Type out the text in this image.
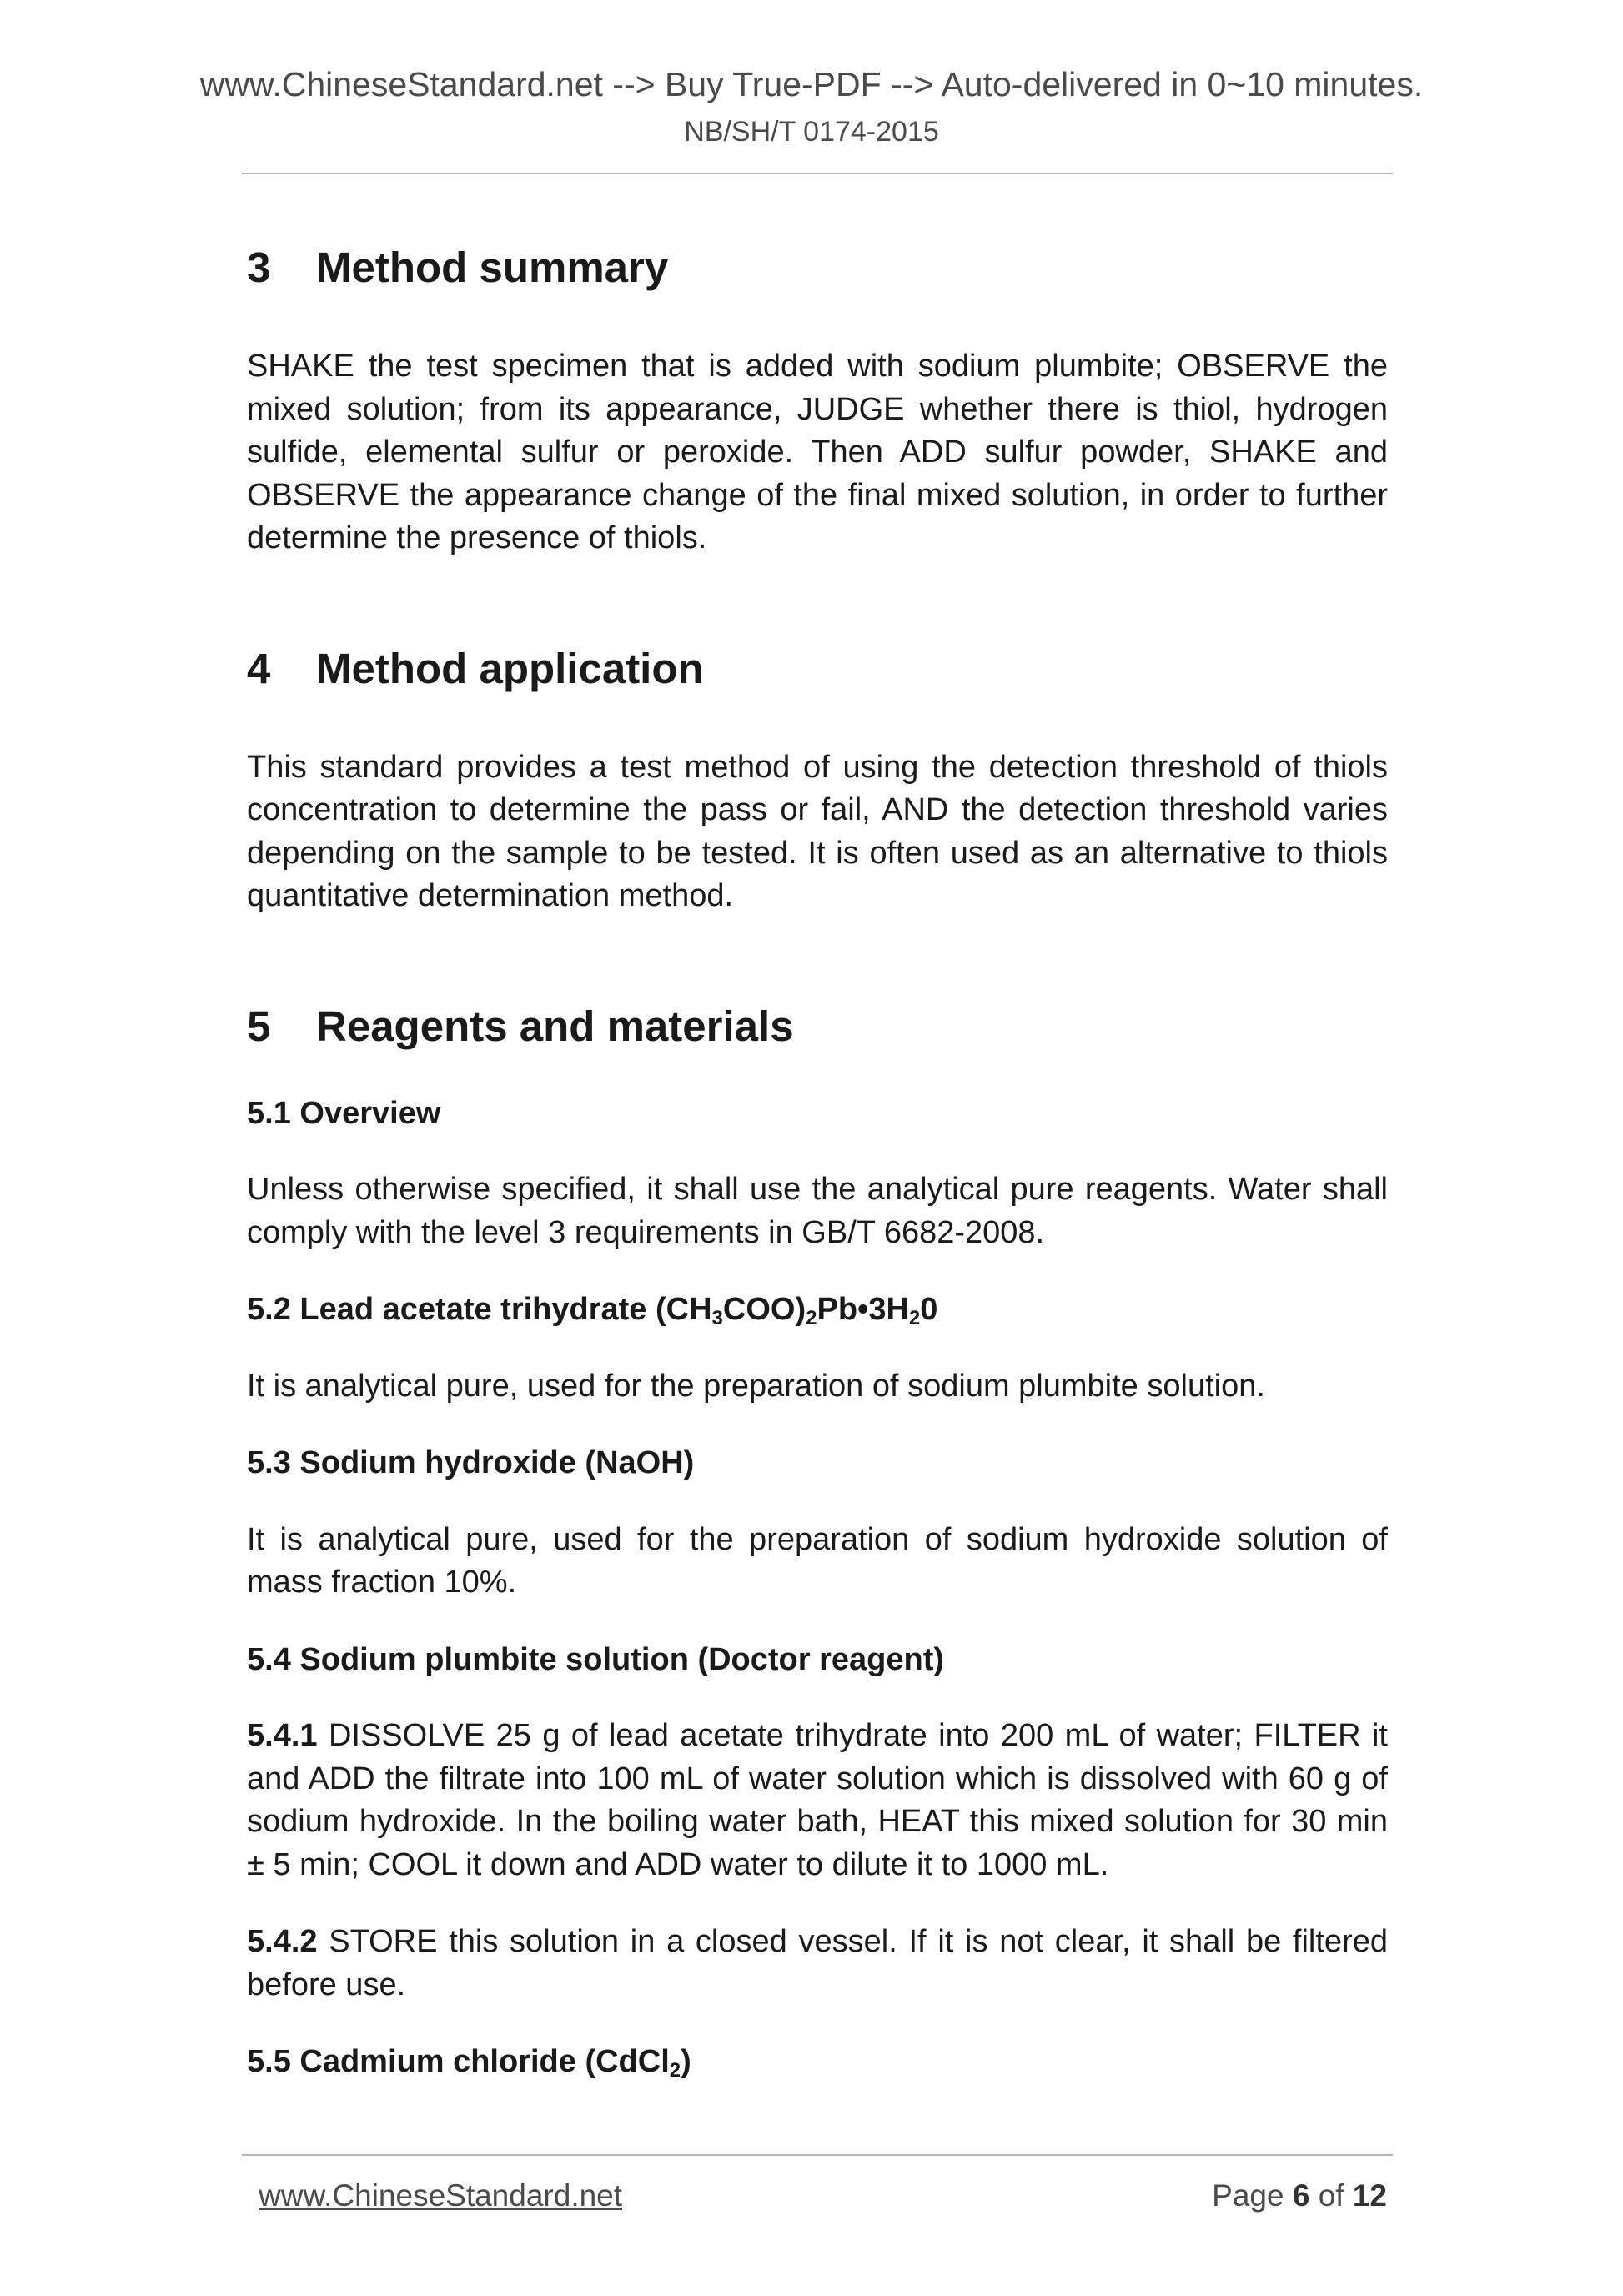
www.ChineseStandard.net --> Buy True-PDF --> Auto-delivered in 0~10 minutes.
NB/SH/T 0174-2015
3 Method summary

SHAKE the test specimen that is added with sodium plumbite; OBSERVE the mixed solution; from its appearance, JUDGE whether there is thiol, hydrogen sulfide, elemental sulfur or peroxide. Then ADD sulfur powder, SHAKE and OBSERVE the appearance change of the final mixed solution, in order to further determine the presence of thiols.

4 Method application

This standard provides a test method of using the detection threshold of thiols concentration to determine the pass or fail, AND the detection threshold varies depending on the sample to be tested. It is often used as an alternative to thiols quantitative determination method.

5 Reagents and materials
5.1 Overview

Unless otherwise specified, it shall use the analytical pure reagents. Water shall comply with the level 3 requirements in GB/T 6682-2008.

5.2 Lead acetate trihydrate $(CH_3COO)_2Pb•3H_20$

It is analytical pure, used for the preparation of sodium plumbite solution.

5.3 Sodium hydroxide (NaOH)

It is analytical pure, used for the preparation of sodium hydroxide solution of mass fraction 10%.

5.4 Sodium plumbite solution (Doctor reagent)

5.4.1 DISSOLVE 25 g of lead acetate trihydrate into 200 mL of water; FILTER it and ADD the filtrate into 100 mL of water solution which is dissolved with 60 g of sodium hydroxide. In the boiling water bath, HEAT this mixed solution for 30 min ± 5 min; COOL it down and ADD water to dilute it to 1000 mL.

5.4.2 STORE this solution in a closed vessel. If it is not clear, it shall be filtered before use.

5.5 Cadmium chloride (CdCl$_2$)
www.ChineseStandard.net	Page 6 of 12
